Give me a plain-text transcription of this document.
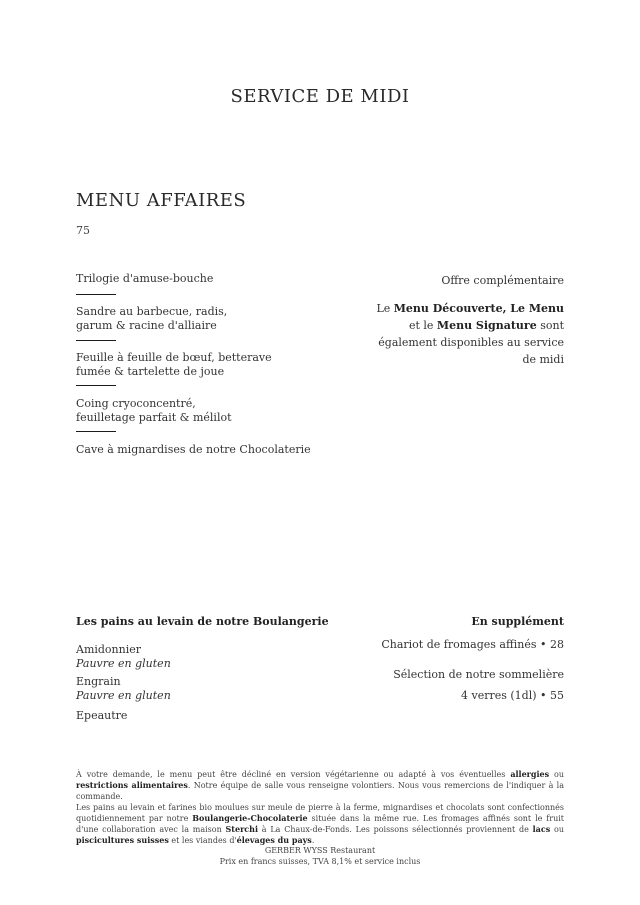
SERVICE DE MIDI
MENU AFFAIRES
75
Trilogie d'amuse-bouche
Sandre au barbecue, radis,
garum & racine d'alliaire
Feuille à feuille de bœuf, betterave
fumée & tartelette de joue
Coing cryoconcentré,
feuilletage parfait & mélilot
Cave à mignardises de notre Chocolaterie
Offre complémentaire
Le Menu Découverte, Le Menu et le Menu Signature sont également disponibles au service de midi
Les pains au levain de notre Boulangerie
Amidonnier
Pauvre en gluten
Engrain
Pauvre en gluten
Epeautre
En supplément
Chariot de fromages affinés • 28
Sélection de notre sommelière
4 verres (1dl) • 55
À votre demande, le menu peut être décliné en version végétarienne ou adapté à vos éventuelles allergies ou restrictions alimentaires. Notre équipe de salle vous renseigne volontiers. Nous vous remercions de l'indiquer à la commande.
Les pains au levain et farines bio moulues sur meule de pierre à la ferme, mignardises et chocolats sont confectionnés quotidiennement par notre Boulangerie-Chocolaterie située dans la même rue. Les fromages affinés sont le fruit d'une collaboration avec la maison Sterchi à La Chaux-de-Fonds. Les poissons sélectionnés proviennent de lacs ou piscicultures suisses et les viandes d'élevages du pays.
GERBER WYSS Restaurant
Prix en francs suisses, TVA 8,1% et service inclus
